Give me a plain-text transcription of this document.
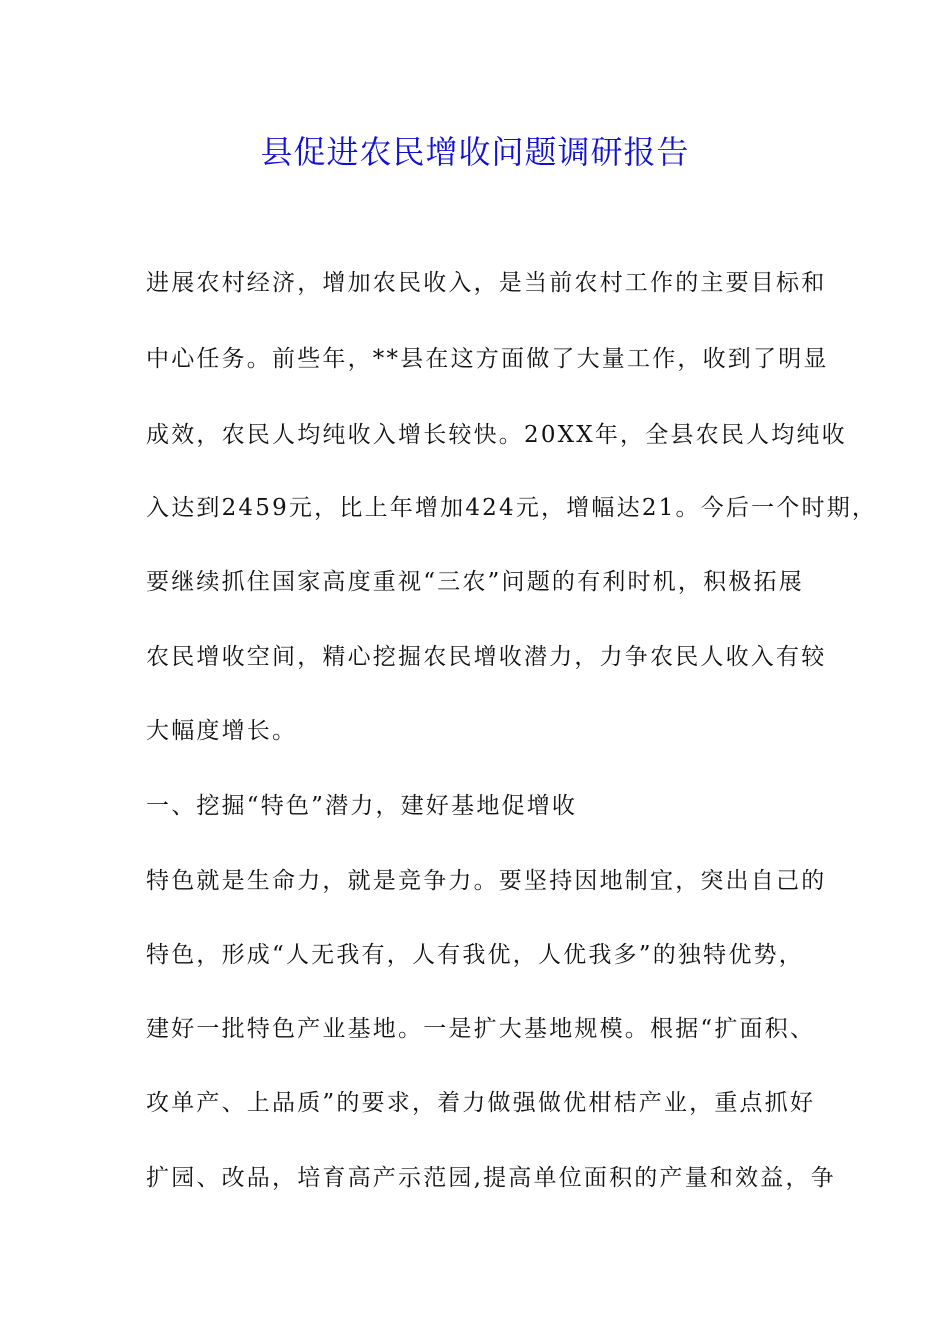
县促进农民增收问题调研报告

进展农村经济，增加农民收入，是当前农村工作的主要目标和

中心任务。前些年，**县在这方面做了大量工作，收到了明显

成效，农民人均纯收入增长较快。20XX年，全县农民人均纯收

入达到2459元，比上年增加424元，增幅达21。今后一个时期，

要继续抓住国家高度重视“三农”问题的有利时机，积极拓展

农民增收空间，精心挖掘农民增收潜力，力争农民人收入有较

大幅度增长。

一、挖掘“特色”潜力，建好基地促增收

特色就是生命力，就是竞争力。要坚持因地制宜，突出自己的

特色，形成“人无我有，人有我优，人优我多”的独特优势，

建好一批特色产业基地。一是扩大基地规模。根据“扩面积、

攻单产、上品质”的要求，着力做强做优柑桔产业，重点抓好

扩园、改品，培育高产示范园,提高单位面积的产量和效益，争
